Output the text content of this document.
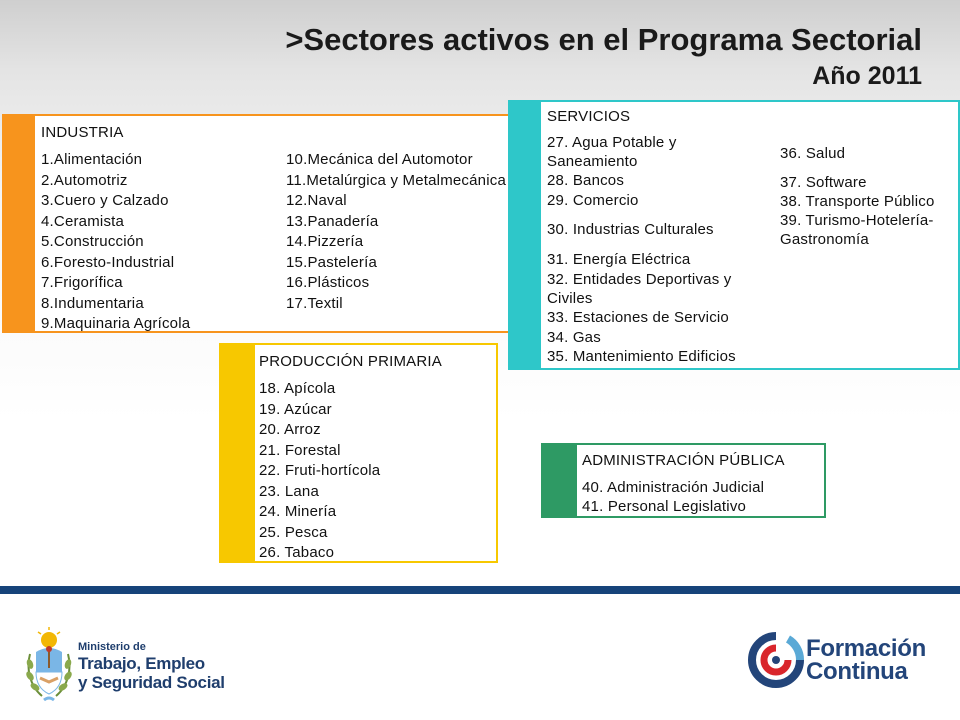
>Sectores activos en el Programa Sectorial
Año 2011
INDUSTRIA
1.Alimentación
2.Automotriz
3.Cuero y Calzado
4.Ceramista
5.Construcción
6.Foresto-Industrial
7.Frigorífica
8.Indumentaria
9.Maquinaria Agrícola
10.Mecánica del Automotor
11.Metalúrgica y Metalmecánica
12.Naval
13.Panadería
14.Pizzería
15.Pastelería
16.Plásticos
17.Textil
SERVICIOS
27. Agua Potable y
Saneamiento
28. Bancos
29. Comercio
30. Industrias Culturales
31. Energía Eléctrica
32. Entidades Deportivas y
Civiles
33. Estaciones de Servicio
34. Gas
35. Mantenimiento Edificios
36. Salud
37. Software
38. Transporte Público
39. Turismo-Hotelería-
Gastronomía
PRODUCCIÓN PRIMARIA
18. Apícola
19. Azúcar
20. Arroz
21. Forestal
22. Fruti-hortícola
23. Lana
24. Minería
25. Pesca
26. Tabaco
ADMINISTRACIÓN PÚBLICA
40. Administración Judicial
41. Personal Legislativo
Ministerio de
Trabajo, Empleo
y Seguridad Social
Formación
Continua
